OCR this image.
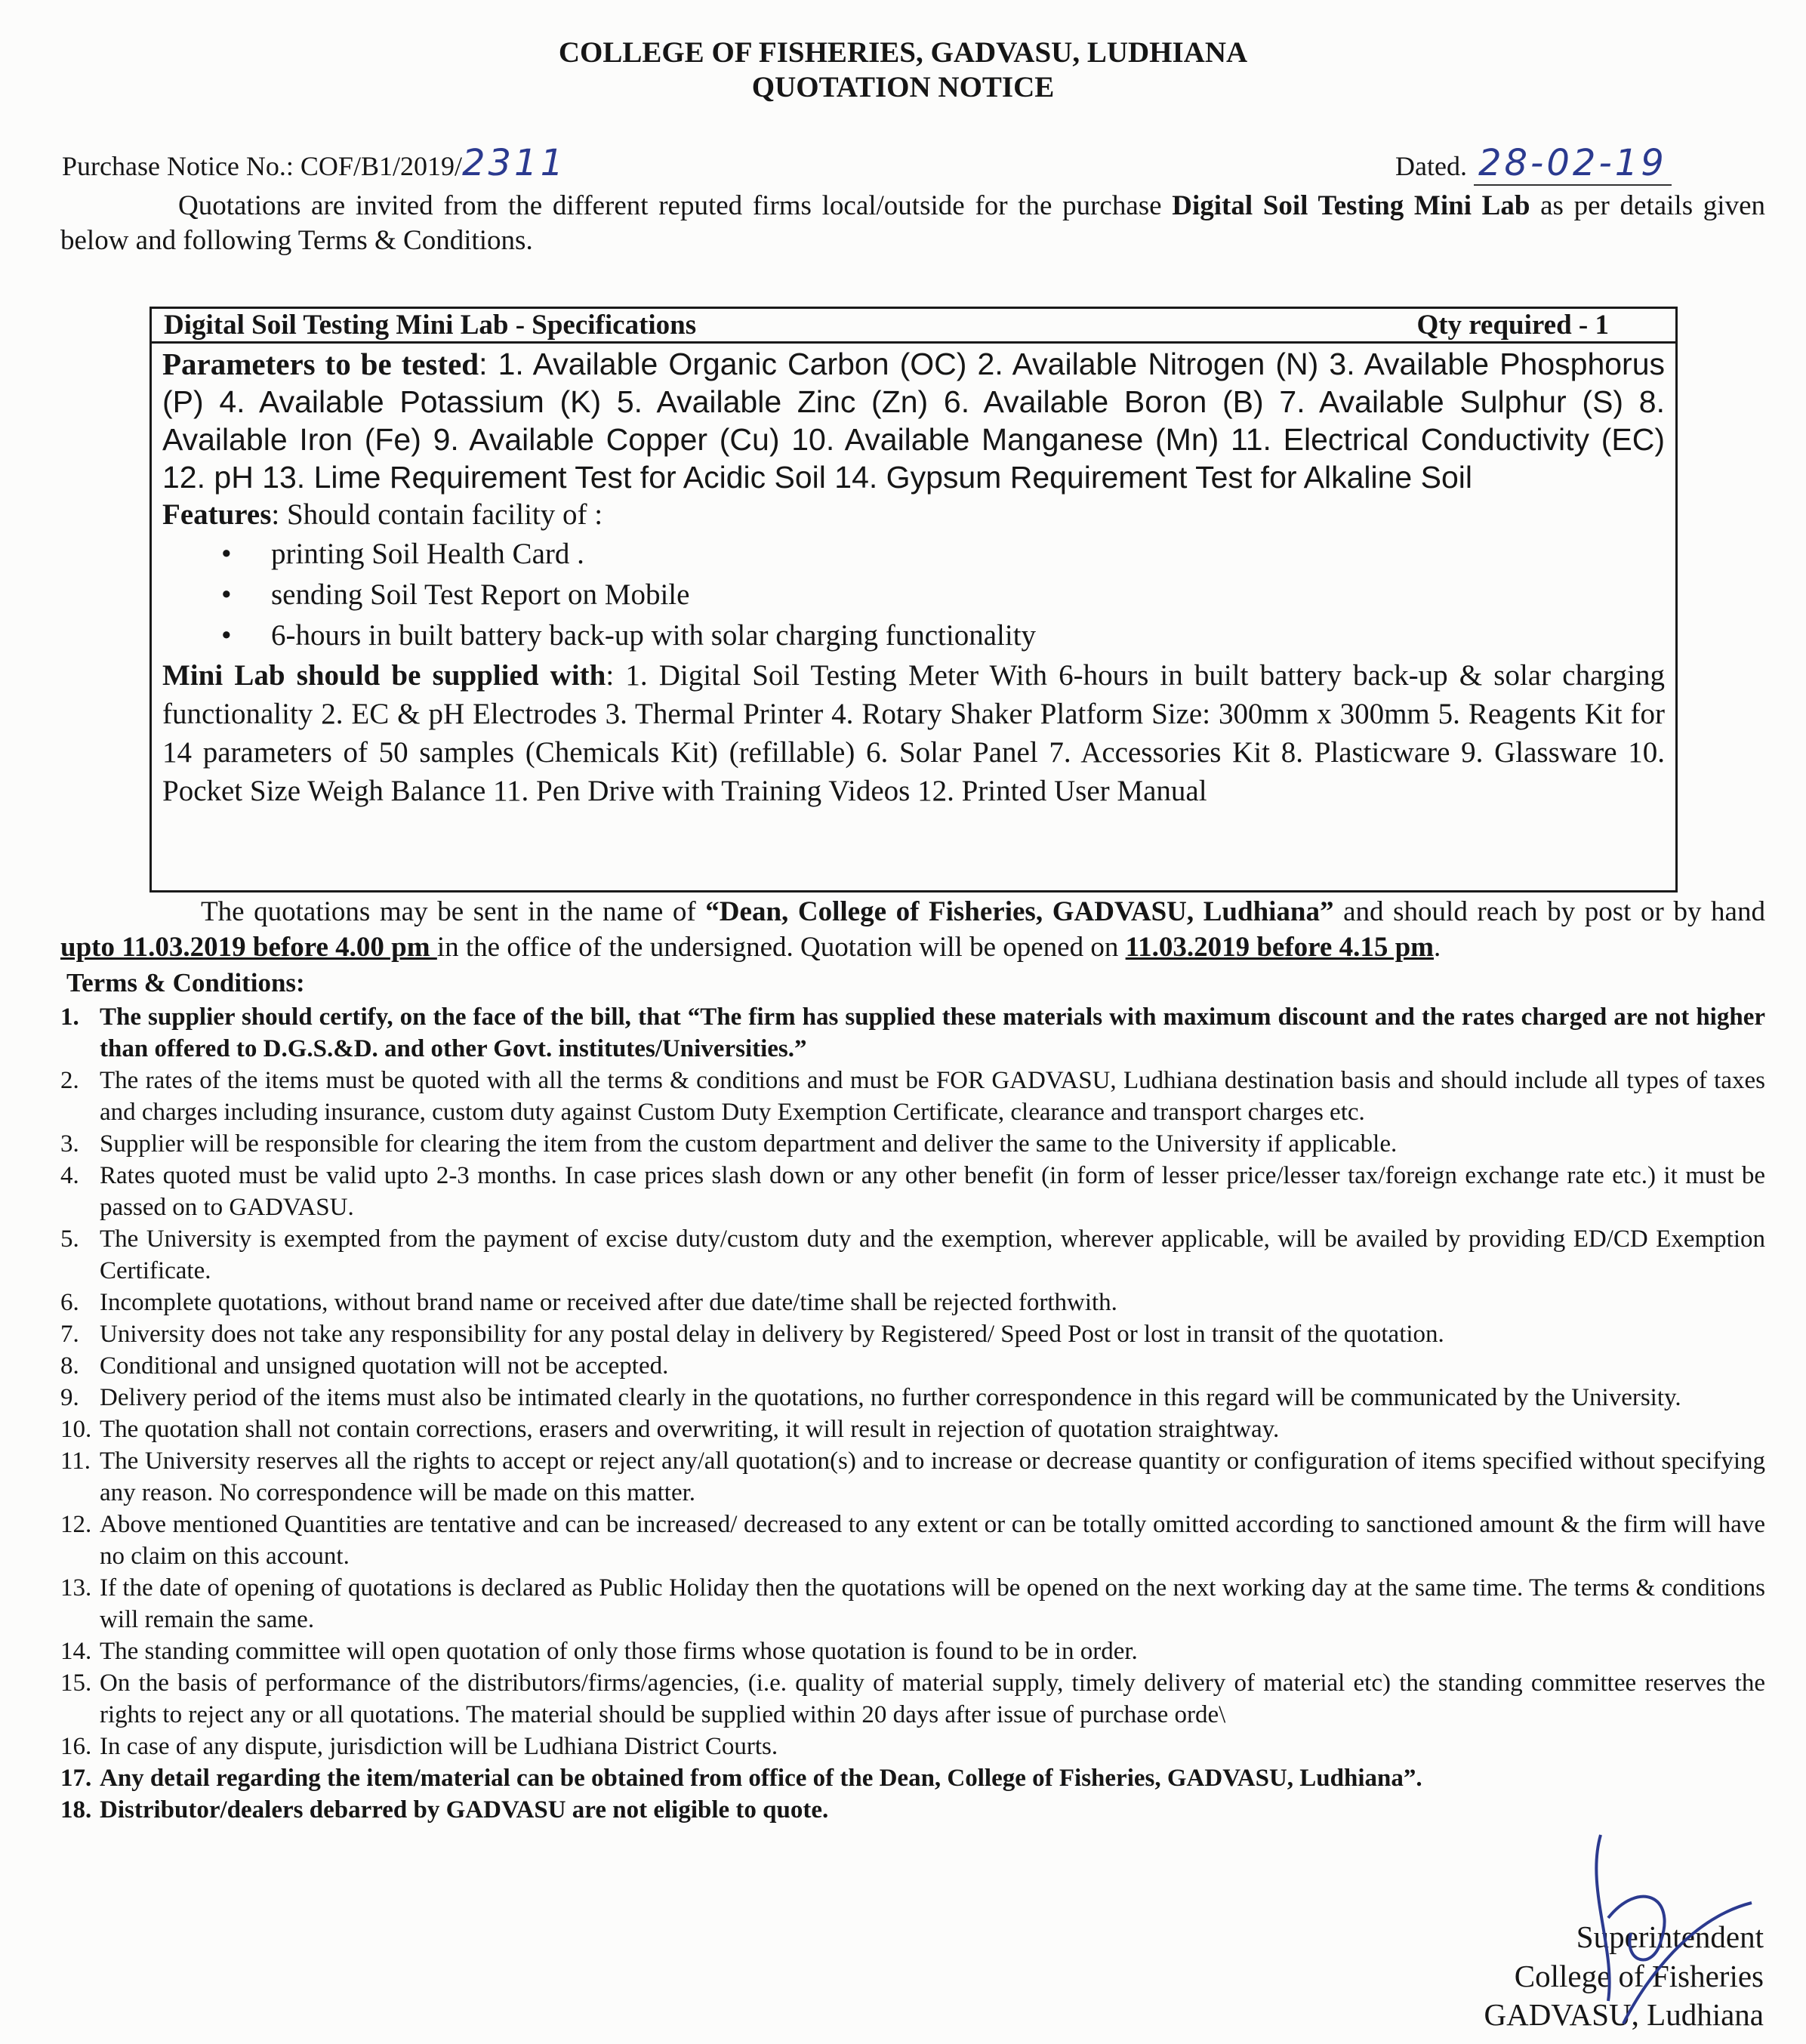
COLLEGE OF FISHERIES, GADVASU, LUDHIANA
QUOTATION NOTICE
Purchase Notice No.: COF/B1/2019/2311	Dated. 28-02-19
Quotations are invited from the different reputed firms local/outside for the purchase Digital Soil Testing Mini Lab as per details given below and following Terms & Conditions.
Digital Soil Testing Mini Lab - Specifications	Qty required - 1
Parameters to be tested: 1. Available Organic Carbon (OC) 2. Available Nitrogen (N) 3. Available Phosphorus (P) 4. Available Potassium (K) 5. Available Zinc (Zn) 6. Available Boron (B) 7. Available Sulphur (S) 8. Available Iron (Fe) 9. Available Copper (Cu) 10. Available Manganese (Mn) 11. Electrical Conductivity (EC) 12. pH 13. Lime Requirement Test for Acidic Soil 14. Gypsum Requirement Test for Alkaline Soil
Features: Should contain facility of :
• printing Soil Health Card .
• sending Soil Test Report on Mobile
• 6-hours in built battery back-up with solar charging functionality
Mini Lab should be supplied with: 1. Digital Soil Testing Meter With 6-hours in built battery back-up & solar charging functionality 2. EC & pH Electrodes 3. Thermal Printer 4. Rotary Shaker Platform Size: 300mm x 300mm 5. Reagents Kit for 14 parameters of 50 samples (Chemicals Kit) (refillable) 6. Solar Panel 7. Accessories Kit 8. Plasticware 9. Glassware 10. Pocket Size Weigh Balance 11. Pen Drive with Training Videos 12. Printed User Manual
The quotations may be sent in the name of “Dean, College of Fisheries, GADVASU, Ludhiana” and should reach by post or by hand upto 11.03.2019 before 4.00 pm in the office of the undersigned. Quotation will be opened on 11.03.2019 before 4.15 pm.
Terms & Conditions:

1. The supplier should certify, on the face of the bill, that “The firm has supplied these materials with maximum discount and the rates charged are not higher than offered to D.G.S.&D. and other Govt. institutes/Universities.”

2. The rates of the items must be quoted with all the terms & conditions and must be FOR GADVASU, Ludhiana destination basis and should include all types of taxes and charges including insurance, custom duty against Custom Duty Exemption Certificate, clearance and transport charges etc.

3. Supplier will be responsible for clearing the item from the custom department and deliver the same to the University if applicable.

4. Rates quoted must be valid upto 2-3 months. In case prices slash down or any other benefit (in form of lesser price/lesser tax/foreign exchange rate etc.) it must be passed on to GADVASU.

5. The University is exempted from the payment of excise duty/custom duty and the exemption, wherever applicable, will be availed by providing ED/CD Exemption Certificate.

6. Incomplete quotations, without brand name or received after due date/time shall be rejected forthwith.

7. University does not take any responsibility for any postal delay in delivery by Registered/ Speed Post or lost in transit of the quotation.

8. Conditional and unsigned quotation will not be accepted.

9. Delivery period of the items must also be intimated clearly in the quotations, no further correspondence in this regard will be communicated by the University.

10. The quotation shall not contain corrections, erasers and overwriting, it will result in rejection of quotation straightway.

11. The University reserves all the rights to accept or reject any/all quotation(s) and to increase or decrease quantity or configuration of items specified without specifying any reason. No correspondence will be made on this matter.

12. Above mentioned Quantities are tentative and can be increased/ decreased to any extent or can be totally omitted according to sanctioned amount & the firm will have no claim on this account.

13. If the date of opening of quotations is declared as Public Holiday then the quotations will be opened on the next working day at the same time. The terms & conditions will remain the same.

14. The standing committee will open quotation of only those firms whose quotation is found to be in order.

15. On the basis of performance of the distributors/firms/agencies, (i.e. quality of material supply, timely delivery of material etc) the standing committee reserves the rights to reject any or all quotations. The material should be supplied within 20 days after issue of purchase orde\

16. In case of any dispute, jurisdiction will be Ludhiana District Courts.

17. Any detail regarding the item/material can be obtained from office of the Dean, College of Fisheries, GADVASU, Ludhiana”.

18. Distributor/dealers debarred by GADVASU are not eligible to quote.

Superintendent
College of Fisheries
GADVASU, Ludhiana
